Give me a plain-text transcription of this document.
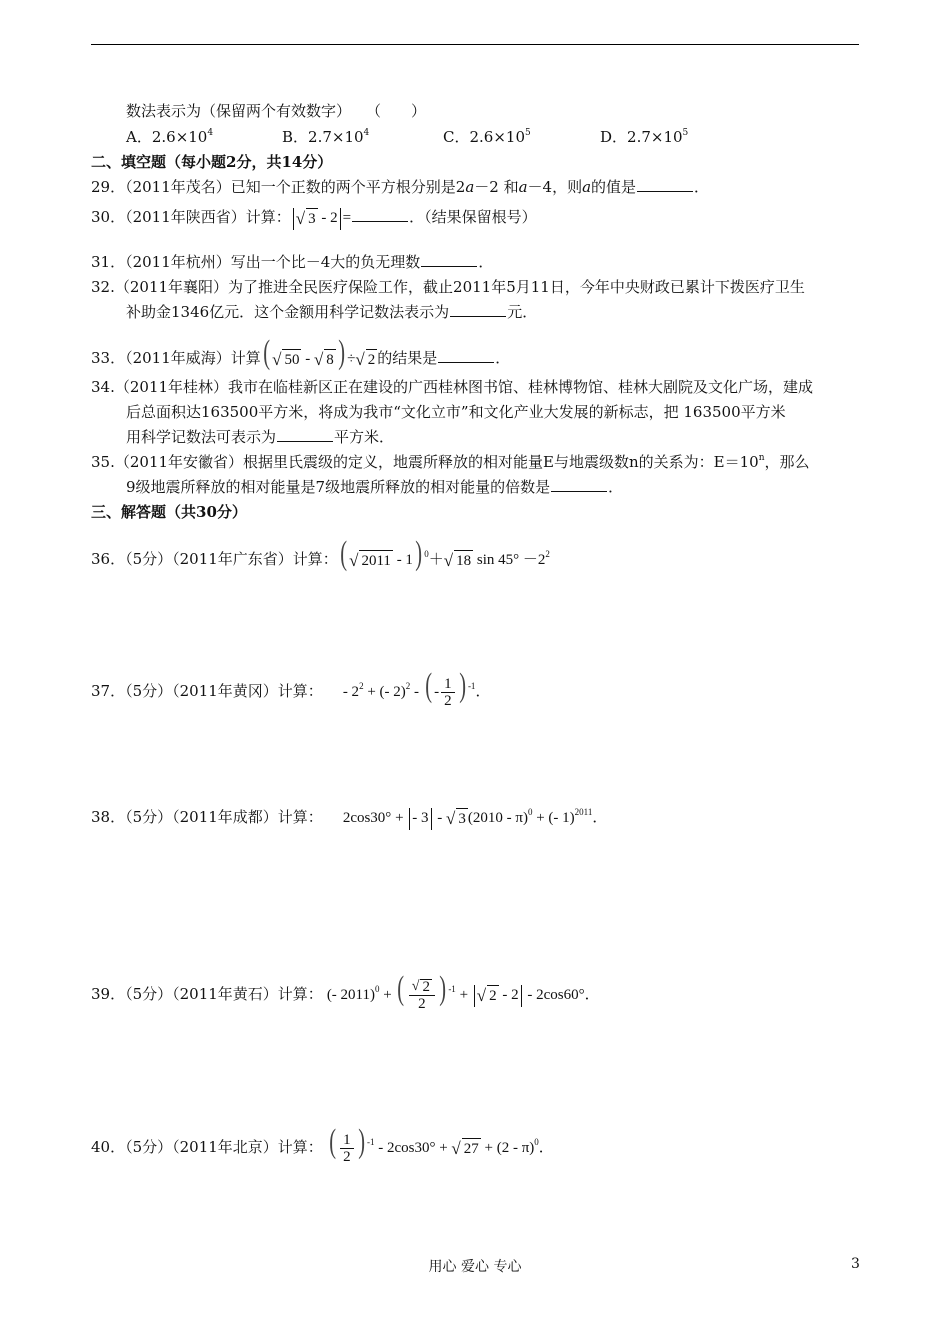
数法表示为（保留两个有效数字）　　（　　）
A．$2.6\times 10^4$	B．$2.7\times 10^4$	C．$2.6\times 10^5$	D．$2.7\times 10^5$
二、填空题（每小题2分，共14分）
29．（2011年茂名）已知一个正数的两个平方根分别是2a－2 和a－4，则a的值是	．
30．（2011年陕西省）计算： √ 3 - 2 =	．（结果保留根号）
31．（2011年杭州）写出一个比－4大的负无理数	．
32.（2011年襄阳）为了推进全民医疗保险工作，截止2011年5月11日，今年中央财政已累计下拨医疗卫生
补助金1346亿元．这个金额用科学记数法表示为	元．
33．（2011年威海）计算( √ 50 - √ 8 ) ÷ √ 2 的结果是	．
34.（2011年桂林）我市在临桂新区正在建设的广西桂林图书馆、桂林博物馆、桂林大剧院及文化广场，建成
后总面积达163500平方米，将成为我市“文化立市”和文化产业大发展的新标志，把 163500平方米
用科学记数法可表示为	平方米．
35.（2011年安徽省）根据里氏震级的定义，地震所释放的相对能量E与地震级数n的关系为：$E=10^n$，那么
9级地震所释放的相对能量是7级地震所释放的相对能量的倍数是	．
三、解答题（共30分）
36．（5分）（2011年广东省）计算：( √ 2011 - 1) $^0$＋ √ 18 $\sin 45^\circ -2^2$
37．（5分）（2011年黄冈）计算： - $2^2$ + (- 2)$^2$ - ( - $\frac{1}{2}$ ) $^{-1}$．
38．（5分）（2011年成都）计算： 2cos30° + - 3 - √ 3 (2010 - π)$^0$ + (- 1)$^{2011}$．
39．（5分）（2011年黄石）计算： (- 2011)$^0$ + ( $\frac{√ 2}{2}$ ) $^{-1}$ + √ 2 - 2 - 2cos60°．
40．（5分）（2011年北京）计算： ( $\frac{1}{2}$ ) $^{-1}$ - 2cos30° + √ 27 + (2 - π)$^0$．
用心 爱心 专心	3
